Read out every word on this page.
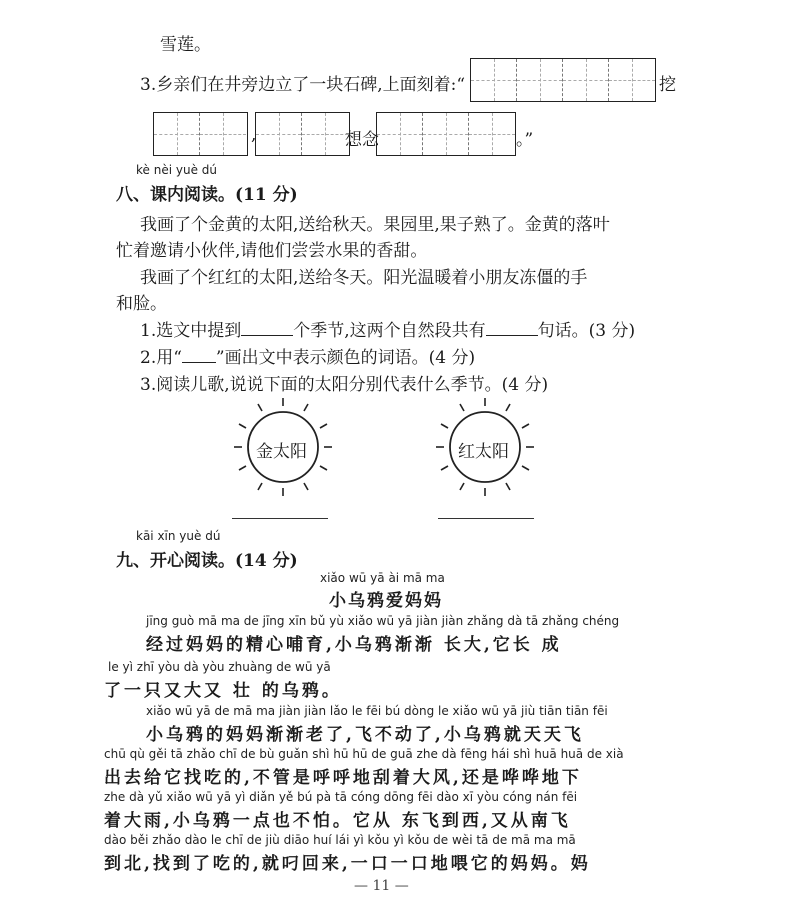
雪莲。
3.乡亲们在井旁边立了一块石碑,上面刻着:“	挖
,	想念	。”
kè nèi yuè dú
八、课内阅读。(11 分)
我画了个金黄的太阳,送给秋天。果园里,果子熟了。金黄的落叶
忙着邀请小伙伴,请他们尝尝水果的香甜。
我画了个红红的太阳,送给冬天。阳光温暖着小朋友冻僵的手
和脸。
1.选文中提到	个季节,这两个自然段共有	句话。(3 分)
2.用“ ”画出文中表示颜色的词语。(4 分)
3.阅读儿歌,说说下面的太阳分别代表什么季节。(4 分)
金太阳	红太阳
kāi xīn yuè dú
九、开心阅读。(14 分)
xiǎo wū yā ài mā ma
小乌鸦爱妈妈
jīng guò mā ma de jīng xīn bǔ yù xiǎo wū yā jiàn jiàn zhǎng dà tā zhǎng chéng
经过妈妈的精心哺育,小乌鸦渐渐 长大,它长 成
le yì zhī yòu dà yòu zhuàng de wū yā
了一只又大又 壮 的乌鸦。
xiǎo wū yā de mā ma jiàn jiàn lǎo le fēi bú dòng le xiǎo wū yā jiù tiān tiān fēi
小乌鸦的妈妈渐渐老了,飞不动了,小乌鸦就天天飞
chū qù gěi tā zhǎo chī de bù guǎn shì hū hū de guā zhe dà fēng hái shì huā huā de xià
出去给它找吃的,不管是呼呼地刮着大风,还是哗哗地下
zhe dà yǔ xiǎo wū yā yì diǎn yě bú pà tā cóng dōng fēi dào xī yòu cóng nán fēi
着大雨,小乌鸦一点也不怕。它从 东飞到西,又从南飞
dào běi zhǎo dào le chī de jiù diāo huí lái yì kǒu yì kǒu de wèi tā de mā ma mā
到北,找到了吃的,就叼回来,一口一口地喂它的妈妈。妈
— 11 —
